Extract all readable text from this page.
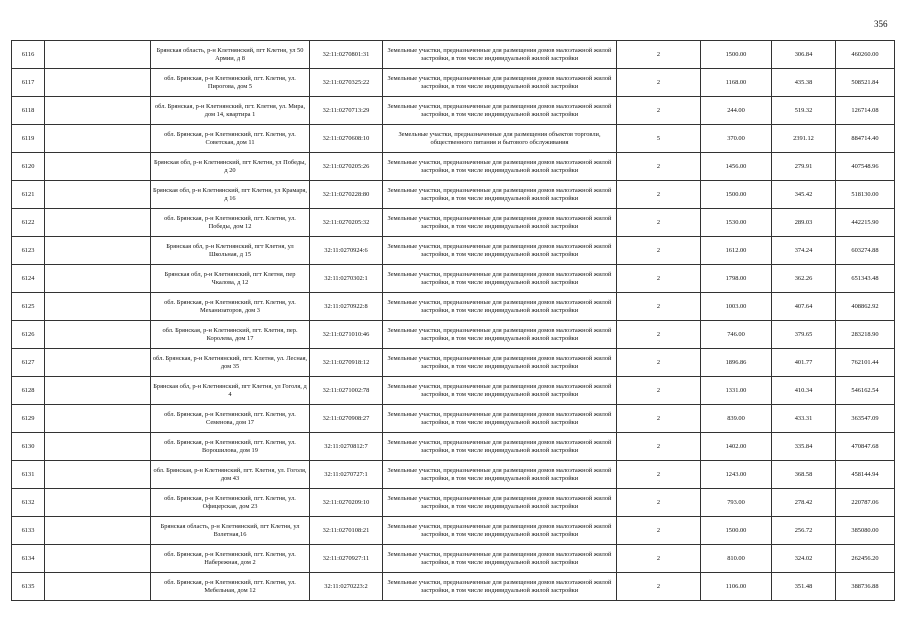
356
6116		Брянская область, р-н Клетнянский, пгт Клетня, ул 50 Армии, д 8	32:11:0270801:31	Земельные участки, предназначенные для размещения домов малоэтажной жилой застройки, в том числе индивидуальной жилой застройки	2	1500.00	306.84	460260.00
6117		обл. Брянская, р-н Клетнянский, пгт. Клетня, ул. Пирогова, дом 5	32:11:0270325:22	Земельные участки, предназначенные для размещения домов малоэтажной жилой застройки, в том числе индивидуальной жилой застройки	2	1168.00	435.38	508521.84
6118		обл. Брянская, р-н Клетнянский, пгт. Клетня, ул. Мира, дом 14, квартира 1	32:11:0270713:29	Земельные участки, предназначенные для размещения домов малоэтажной жилой застройки, в том числе индивидуальной жилой застройки	2	244.00	519.32	126714.08
6119		обл. Брянская, р-н Клетнянский, пгт. Клетня, ул. Советская, дом 11	32:11:0270608:10	Земельные участки, предназначенные для размещения объектов торговли, общественного питания и бытового обслуживания	5	370.00	2391.12	884714.40
6120		Брянская обл, р-н Клетнянский, пгт Клетня, ул Победы, д 20	32:11:0270205:26	Земельные участки, предназначенные для размещения домов малоэтажной жилой застройки, в том числе индивидуальной жилой застройки	2	1456.00	279.91	407548.96
6121		Брянская обл, р-н Клетнянский, пгт Клетня, ул Крамаря, д 16	32:11:0270228:80	Земельные участки, предназначенные для размещения домов малоэтажной жилой застройки, в том числе индивидуальной жилой застройки	2	1500.00	345.42	518130.00
6122		обл. Брянская, р-н Клетнянский, пгт. Клетня, ул. Победы, дом 12	32:11:0270205:32	Земельные участки, предназначенные для размещения домов малоэтажной жилой застройки, в том числе индивидуальной жилой застройки	2	1530.00	289.03	442215.90
6123		Брянская обл, р-н Клетнянский, пгт Клетня, ул Школьная, д 15	32:11:0270924:6	Земельные участки, предназначенные для размещения домов малоэтажной жилой застройки, в том числе индивидуальной жилой застройки	2	1612.00	374.24	603274.88
6124		Брянская обл, р-н Клетнянский, пгт Клетня, пер Чкалова, д 12	32:11:0270302:1	Земельные участки, предназначенные для размещения домов малоэтажной жилой застройки, в том числе индивидуальной жилой застройки	2	1798.00	362.26	651343.48
6125		обл. Брянская, р-н Клетнянский, пгт. Клетня, ул. Механизаторов, дом 3	32:11:0270922:8	Земельные участки, предназначенные для размещения домов малоэтажной жилой застройки, в том числе индивидуальной жилой застройки	2	1003.00	407.64	408862.92
6126		обл. Брянская, р-н Клетнянский, пгт. Клетня, пер. Королева, дом 17	32:11:0271010:46	Земельные участки, предназначенные для размещения домов малоэтажной жилой застройки, в том числе индивидуальной жилой застройки	2	746.00	379.65	283218.90
6127		обл. Брянская, р-н Клетнянский, пгт. Клетня, ул. Лесная, дом 35	32:11:0270918:12	Земельные участки, предназначенные для размещения домов малоэтажной жилой застройки, в том числе индивидуальной жилой застройки	2	1896.86	401.77	762101.44
6128		Брянская обл, р-н Клетнянский, пгт Клетня, ул Гоголя, д 4	32:11:0271002:78	Земельные участки, предназначенные для размещения домов малоэтажной жилой застройки, в том числе индивидуальной жилой застройки	2	1331.00	410.34	546162.54
6129		обл. Брянская, р-н Клетнянский, пгт. Клетня, ул. Семенова, дом 17	32:11:0270908:27	Земельные участки, предназначенные для размещения домов малоэтажной жилой застройки, в том числе индивидуальной жилой застройки	2	839.00	433.31	363547.09
6130		обл. Брянская, р-н Клетнянский, пгт. Клетня, ул. Ворошилова, дом 19	32:11:0270812:7	Земельные участки, предназначенные для размещения домов малоэтажной жилой застройки, в том числе индивидуальной жилой застройки	2	1402.00	335.84	470847.68
6131		обл. Брянская, р-н Клетнянский, пгт. Клетня, ул. Гоголя, дом 43	32:11:0270727:1	Земельные участки, предназначенные для размещения домов малоэтажной жилой застройки, в том числе индивидуальной жилой застройки	2	1243.00	368.58	458144.94
6132		обл. Брянская, р-н Клетнянский, пгт. Клетня, ул. Офицерская, дом 23	32:11:0270209:10	Земельные участки, предназначенные для размещения домов малоэтажной жилой застройки, в том числе индивидуальной жилой застройки	2	793.00	278.42	220787.06
6133		Брянская область, р-н Клетнянский, пгт Клетня, ул Взлетная,16	32:11:0270108:21	Земельные участки, предназначенные для размещения домов малоэтажной жилой застройки, в том числе индивидуальной жилой застройки	2	1500.00	256.72	385080.00
6134		обл. Брянская, р-н Клетнянский, пгт. Клетня, ул. Набережная, дом 2	32:11:0270927:11	Земельные участки, предназначенные для размещения домов малоэтажной жилой застройки, в том числе индивидуальной жилой застройки	2	810.00	324.02	262456.20
6135		обл. Брянская, р-н Клетнянский, пгт. Клетня, ул. Мебельная, дом 12	32:11:0270223:2	Земельные участки, предназначенные для размещения домов малоэтажной жилой застройки, в том числе индивидуальной жилой застройки	2	1106.00	351.48	388736.88
